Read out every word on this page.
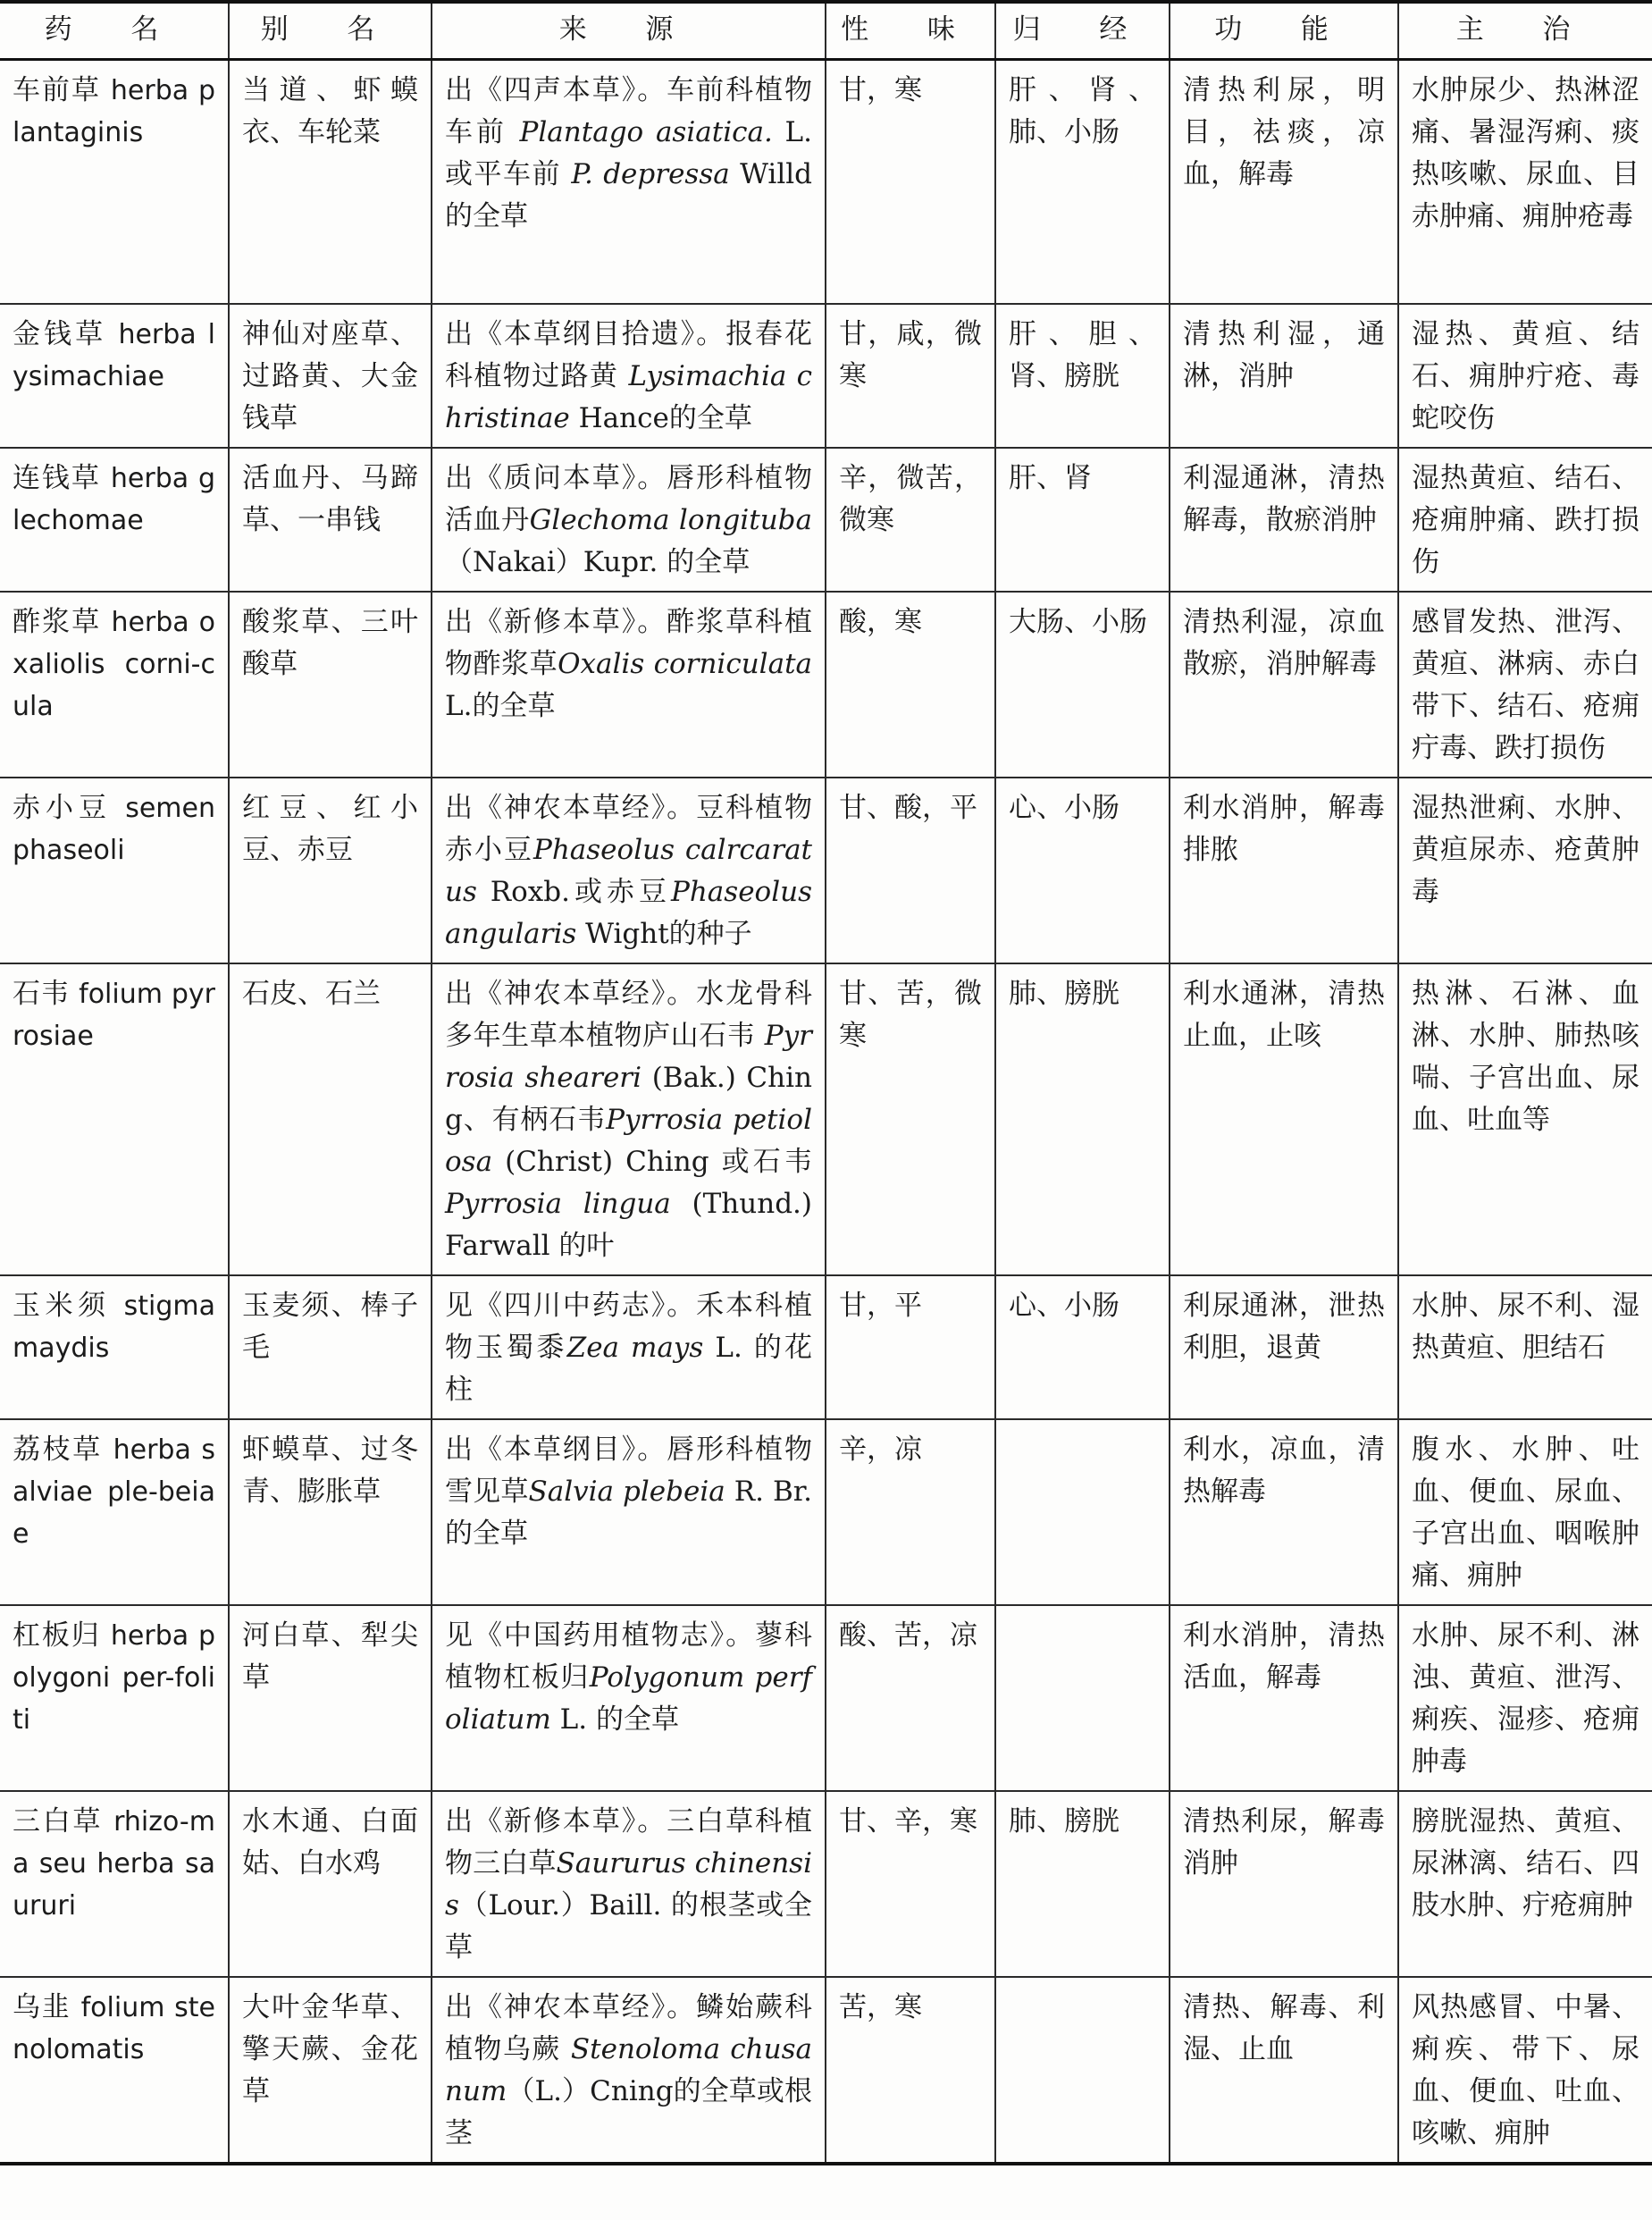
药 名	别 名	来 源	性 味	归 经	功 能	主 治
车前草 herba plantaginis	当道、虾蟆衣、车轮菜	出《四声本草》。车前科植物车前 Plantago asiatica. L.或平车前 P. depressa Willd的全草	甘，寒	肝、肾、肺、小肠	清热利尿，明目，祛痰，凉血，解毒	水肿尿少、热淋涩痛、暑湿泻痢、痰热咳嗽、尿血、目赤肿痛、痈肿疮毒
金钱草 herba lysimachiae	神仙对座草、过路黄、大金钱草	出《本草纲目拾遗》。报春花科植物过路黄 Lysimachia christinae Hance的全草	甘，咸，微寒	肝、胆、肾、膀胱	清热利湿，通淋，消肿	湿热、黄疸、结石、痈肿疔疮、毒蛇咬伤
连钱草 herba glechomae	活血丹、马蹄草、一串钱	出《质问本草》。唇形科植物活血丹Glechoma longituba（Nakai）Kupr. 的全草	辛，微苦，微寒	肝、肾	利湿通淋，清热解毒，散瘀消肿	湿热黄疸、结石、疮痈肿痛、跌打损伤
酢浆草 herba oxaliolis corni-cula	酸浆草、三叶酸草	出《新修本草》。酢浆草科植物酢浆草Oxalis corniculata L.的全草	酸，寒	大肠、小肠	清热利湿，凉血散瘀，消肿解毒	感冒发热、泄泻、黄疸、淋病、赤白带下、结石、疮痈疔毒、跌打损伤
赤小豆 semen phaseoli	红豆、红小豆、赤豆	出《神农本草经》。豆科植物赤小豆Phaseolus calrcaratus Roxb.或赤豆Phaseolus angularis Wight的种子	甘、酸，平	心、小肠	利水消肿，解毒排脓	湿热泄痢、水肿、黄疸尿赤、疮黄肿毒
石韦 folium pyrrosiae	石皮、石兰	出《神农本草经》。水龙骨科多年生草本植物庐山石韦 Pyrrosia sheareri (Bak.) Ching、有柄石韦Pyrrosia petiolosa (Christ) Ching 或石韦 Pyrrosia lingua (Thund.) Farwall 的叶	甘、苦，微寒	肺、膀胱	利水通淋，清热止血，止咳	热淋、石淋、血淋、水肿、肺热咳喘、子宫出血、尿血、吐血等
玉米须 stigma maydis	玉麦须、棒子毛	见《四川中药志》。禾本科植物玉蜀黍Zea mays L. 的花柱	甘，平	心、小肠	利尿通淋，泄热利胆，退黄	水肿、尿不利、湿热黄疸、胆结石
荔枝草 herba salviae ple-beiae	虾蟆草、过冬青、膨胀草	出《本草纲目》。唇形科植物雪见草Salvia plebeia R. Br.的全草	辛，凉		利水，凉血，清热解毒	腹水、水肿、吐血、便血、尿血、子宫出血、咽喉肿痛、痈肿
杠板归 herba polygoni per-foliti	河白草、犁尖草	见《中国药用植物志》。蓼科植物杠板归Polygonum perfoliatum L. 的全草	酸、苦，凉		利水消肿，清热活血，解毒	水肿、尿不利、淋浊、黄疸、泄泻、痢疾、湿疹、疮痈肿毒
三白草 rhizo-ma seu herba saururi	水木通、白面姑、白水鸡	出《新修本草》。三白草科植物三白草Saururus chinensis（Lour.）Baill. 的根茎或全草	甘、辛，寒	肺、膀胱	清热利尿，解毒消肿	膀胱湿热、黄疸、尿淋漓、结石、四肢水肿、疔疮痈肿
乌韭 folium stenolomatis	大叶金华草、擎天蕨、金花草	出《神农本草经》。鳞始蕨科植物乌蕨 Stenoloma chusanum（L.）Cning的全草或根茎	苦，寒		清热、解毒、利湿、止血	风热感冒、中暑、痢疾、带下、尿血、便血、吐血、咳嗽、痈肿
